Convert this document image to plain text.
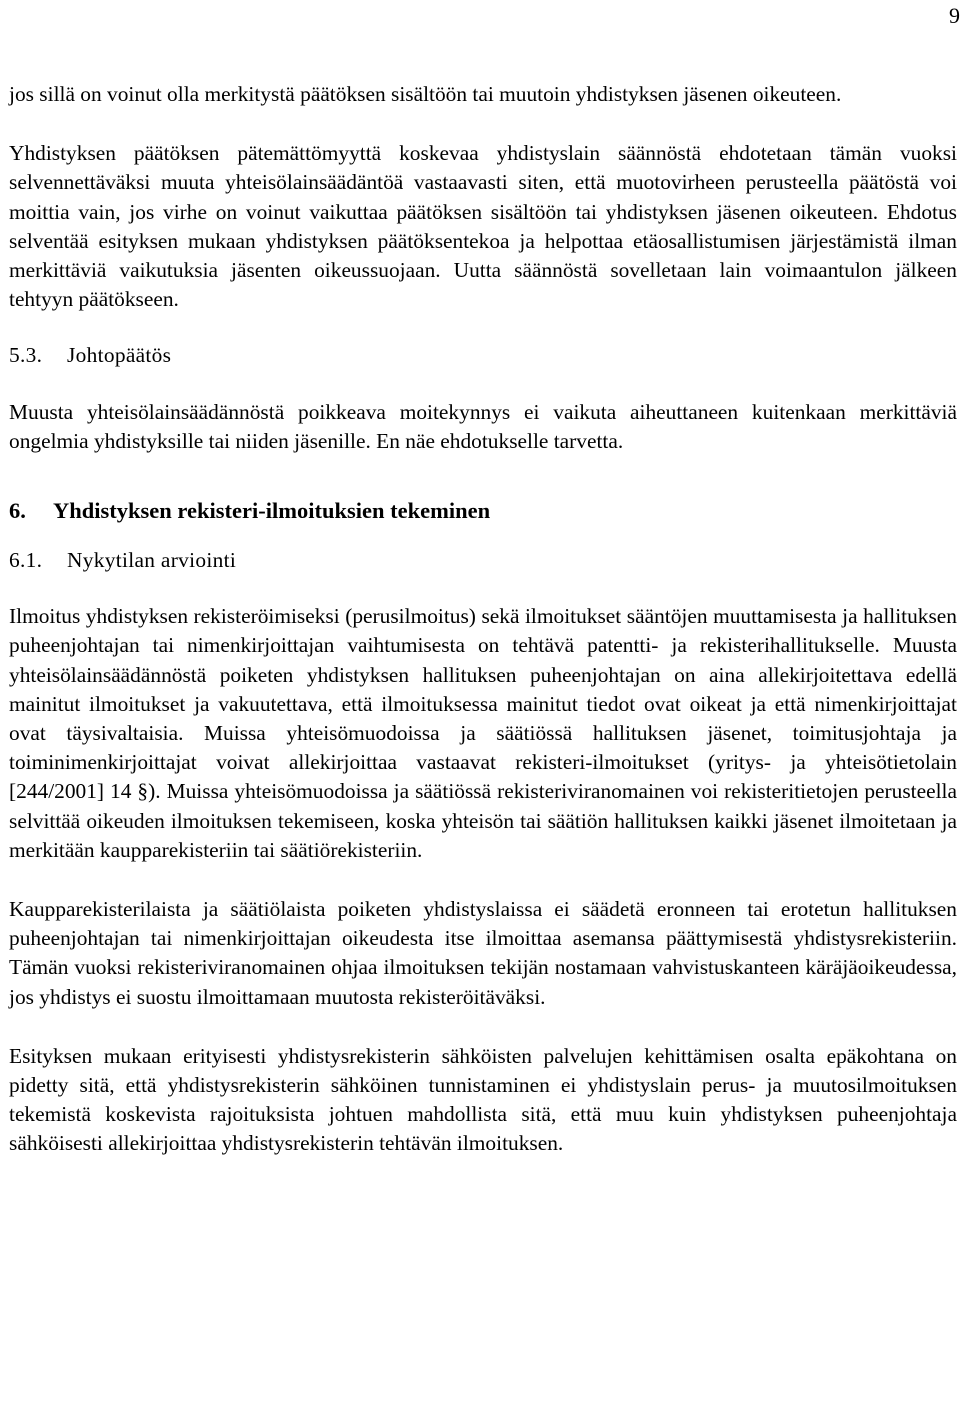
9

jos sillä on voinut olla merkitystä päätöksen sisältöön tai muutoin yhdistyksen jäsenen oikeuteen.

Yhdistyksen päätöksen pätemättömyyttä koskevaa yhdistyslain säännöstä ehdotetaan tämän vuoksi selvennettäväksi muuta yhteisölainsäädäntöä vastaavasti siten, että muotovirheen perusteella päätöstä voi moittia vain, jos virhe on voinut vaikuttaa päätöksen sisältöön tai yhdistyksen jäsenen oikeuteen. Ehdotus selventää esityksen mukaan yhdistyksen päätöksentekoa ja helpottaa etäosallistumisen järjestämistä ilman merkittäviä vaikutuksia jäsenten oikeussuojaan. Uutta säännöstä sovelletaan lain voimaantulon jälkeen tehtyyn päätökseen.

5.3. Johtopäätös

Muusta yhteisölainsäädännöstä poikkeava moitekynnys ei vaikuta aiheuttaneen kuitenkaan merkittäviä ongelmia yhdistyksille tai niiden jäsenille. En näe ehdotukselle tarvetta.

6. Yhdistyksen rekisteri-ilmoituksien tekeminen
6.1. Nykytilan arviointi

Ilmoitus yhdistyksen rekisteröimiseksi (perusilmoitus) sekä ilmoitukset sääntöjen muuttamisesta ja hallituksen puheenjohtajan tai nimenkirjoittajan vaihtumisesta on tehtävä patentti- ja rekisterihallitukselle. Muusta yhteisölainsäädännöstä poiketen yhdistyksen hallituksen puheenjohtajan on aina allekirjoitettava edellä mainitut ilmoitukset ja vakuutettava, että ilmoituksessa mainitut tiedot ovat oikeat ja että nimenkirjoittajat ovat täysivaltaisia. Muissa yhteisömuodoissa ja säätiössä hallituksen jäsenet, toimitusjohtaja ja toiminimenkirjoittajat voivat allekirjoittaa vastaavat rekisteri-ilmoitukset (yritys- ja yhteisötietolain [244/2001] 14 §). Muissa yhteisömuodoissa ja säätiössä rekisteriviranomainen voi rekisteritietojen perusteella selvittää oikeuden ilmoituksen tekemiseen, koska yhteisön tai säätiön hallituksen kaikki jäsenet ilmoitetaan ja merkitään kaupparekisteriin tai säätiörekisteriin.

Kaupparekisterilaista ja säätiölaista poiketen yhdistyslaissa ei säädetä eronneen tai erotetun hallituksen puheenjohtajan tai nimenkirjoittajan oikeudesta itse ilmoittaa asemansa päättymisestä yhdistysrekisteriin. Tämän vuoksi rekisteriviranomainen ohjaa ilmoituksen tekijän nostamaan vahvistuskanteen käräjäoikeudessa, jos yhdistys ei suostu ilmoittamaan muutosta rekisteröitäväksi.

Esityksen mukaan erityisesti yhdistysrekisterin sähköisten palvelujen kehittämisen osalta epäkohtana on pidetty sitä, että yhdistysrekisterin sähköinen tunnistaminen ei yhdistyslain perus- ja muutosilmoituksen tekemistä koskevista rajoituksista johtuen mahdollista sitä, että muu kuin yhdistyksen puheenjohtaja sähköisesti allekirjoittaa yhdistysrekisterin tehtävän ilmoituksen.
